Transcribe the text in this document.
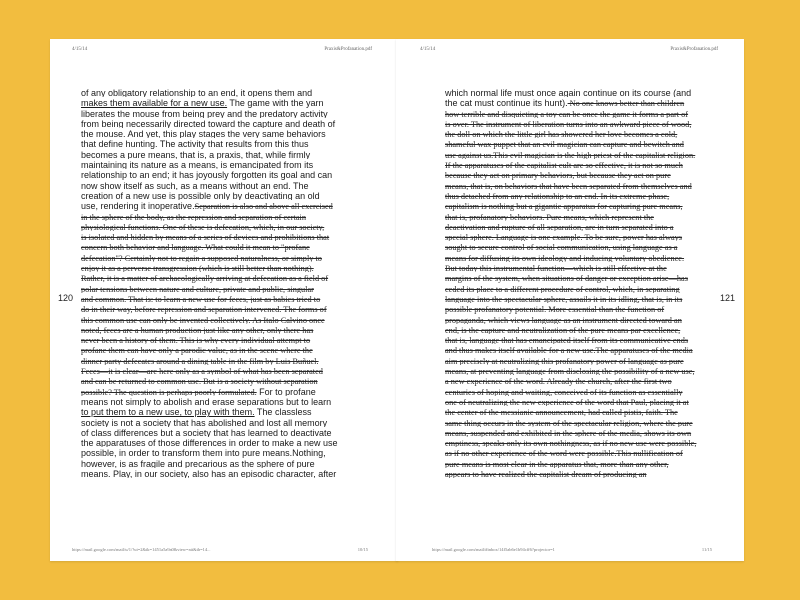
4/15/14	Praxis&Profanation.pdf
of any obligatory relationship to an end, it opens them and
makes them available for a new use. The game with the yarn
liberates the mouse from being prey and the predatory activity
from being necessarily directed toward the capture and death of
the mouse. And yet, this play stages the very same behaviors
that define hunting. The activity that results from this thus
becomes a pure means, that is, a praxis, that, while firmly
maintaining its nature as a means, is emancipated from its
relationship to an end; it has joyously forgotten its goal and can
now show itself as such, as a means without an end. The
creation of a new use is possible only by deactivating an old
use, rendering it inoperative.Separation is also and above all exercised
in the sphere of the body, as the repression and separation of certain
physiological functions. One of these is defecation, which, in our society,
is isolated and hidden by means of a series of devices and prohibitions that
concern both behavior and language. What could it mean to "profane
defecation"? Certainly not to regain a supposed naturalness, or simply to
enjoy it as a perverse transgression (which is still better than nothing).
Rather, it is a matter of archaeologically arriving at defecation as a field of
polar tensions between nature and culture, private and public, singular
and common. That is: to learn a new use for feces, just as babies tried to
do in their way, before repression and separation intervened. The forms of
this common use can only be invented collectively. As Italo Calvino once
noted, feces are a human production just like any other, only there has
never been a history of them. This is why every individual attempt to
profane them can have only a parodic value, as in the scene where the
dinner party defecates around a dining table in the film by Luis Buñuel.
Feces—it is clear—are here only as a symbol of what has been separated
and can be returned to common use. But is a society without separation
possible? The question is perhaps poorly formulated. For to profane
means not simply to abolish and erase separations but to learn
to put them to a new use, to play with them. The classless
society is not a society that has abolished and lost all memory
of class differences but a society that has learned to deactivate
the apparatuses of those differences in order to make a new use
possible, in order to transform them into pure means.Nothing,
however, is as fragile and precarious as the sphere of pure
means. Play, in our society, also has an episodic character, after
https://mail.google.com/mail/u/1/?ui=2&ik=1451a5a9a0&view=att&th=14...	10/15
120
4/15/14	Praxis&Profanation.pdf
which normal life must once again continue on its course (and
the cat must continue its hunt). No one knows better than children
how terrible and disquieting a toy can be once the game it forms a part of
is over. The instrument of liberation turns into an awkward piece of wood,
the doll on which the little girl has showered her love becomes a cold,
shameful wax puppet that an evil magician can capture and bewitch and
use against us.This evil magician is the high priest of the capitalist religion.
If the apparatuses of the capitalist cult are so effective, it is not so much
because they act on primary behaviors, but because they act on pure
means, that is, on behaviors that have been separated from themselves and
thus detached from any relationship to an end. In its extreme phase,
capitalism is nothing but a gigantic apparatus for capturing pure means,
that is, profanatory behaviors. Pure means, which represent the
deactivation and rupture of all separation, are in turn separated into a
special sphere. Language is one example. To be sure, power has always
sought to secure control of social communication, using language as a
means for diffusing its own ideology and inducing voluntary obedience.
But today this instrumental function—which is still effective at the
margins of the system, when situations of danger or exception arise—has
ceded its place to a different procedure of control, which, in separating
language into the spectacular sphere, assails it in its idling, that is, in its
possible profanatory potential. More essential than the function of
propaganda, which views language as an instrument directed toward an
end, is the capture and neutralization of the pure means par excellence,
that is, language that has emancipated itself from its communicative ends
and thus makes itself available for a new use.The apparatuses of the media
aim precisely at neutralizing this profanatory power of language as pure
means, at preventing language from disclosing the possibility of a new use,
a new experience of the word. Already the church, after the first two
centuries of hoping and waiting, conceived of its function as essentially
one of neutralizing the new experience of the word that Paul, placing it at
the center of the messianic announcement, had called pistis, faith. The
same thing occurs in the system of the spectacular religion, where the pure
means, suspended and exhibited in the sphere of the media, shows its own
emptiness, speaks only its own nothingness, as if no new use were possible,
as if no other experience of the word were possible.This nullification of
pure means is most clear in the apparatus that, more than any other,
appears to have realized the capitalist dream of producing an
https://mail.google.com/mail/#inbox/14f5ab6e1b94cff6?projector=1	11/15
121
